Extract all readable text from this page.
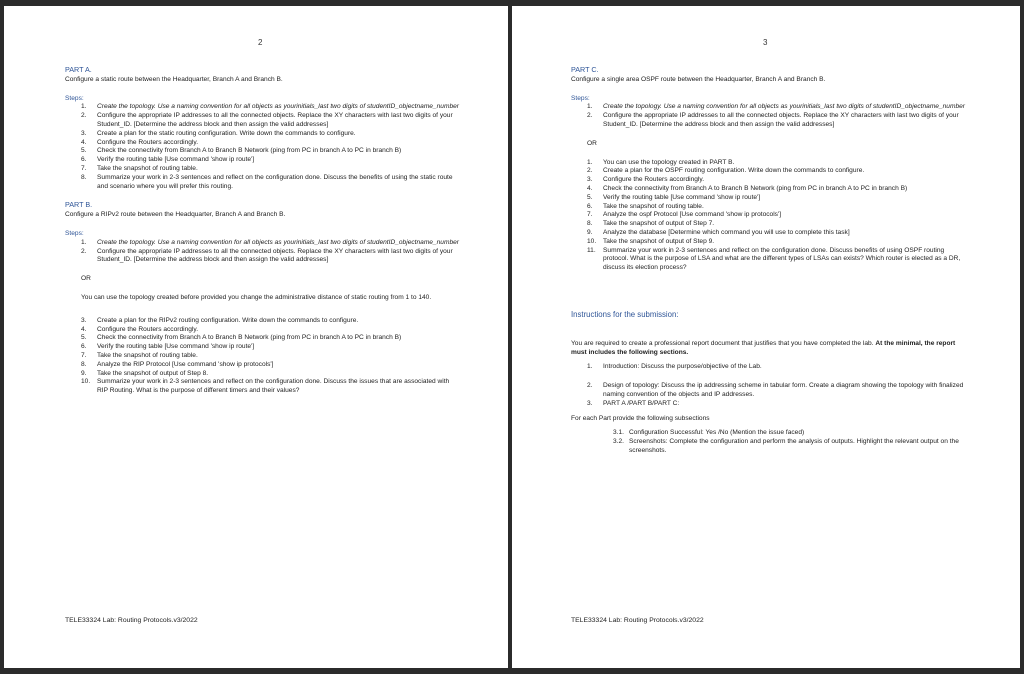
2

PART A.

Configure a static route between the Headquarter, Branch A and Branch B.

Steps:

1. Create the topology. Use a naming convention for all objects as yourinitials_last two digits of studentID_objectname_number
2. Configure the appropriate IP addresses to all the connected objects. Replace the XY characters with last two digits of your Student_ID. [Determine the address block and then assign the valid addresses]
3. Create a plan for the static routing configuration. Write down the commands to configure.
4. Configure the Routers accordingly.
5. Check the connectivity from Branch A to Branch B Network (ping from PC in branch A to PC in branch B)
6. Verify the routing table [Use command 'show ip route']
7. Take the snapshot of routing table.
8. Summarize your work in 2-3 sentences and reflect on the configuration done. Discuss the benefits of using the static route and scenario where you will prefer this routing.

PART B.

Configure a RIPv2 route between the Headquarter, Branch A and Branch B.

Steps:

1. Create the topology. Use a naming convention for all objects as yourinitials_last two digits of studentID_objectname_number
2. Configure the appropriate IP addresses to all the connected objects. Replace the XY characters with last two digits of your Student_ID. [Determine the address block and then assign the valid addresses]

OR

You can use the topology created before provided you change the administrative distance of static routing from 1 to 140.

3. Create a plan for the RIPv2 routing configuration. Write down the commands to configure.
4. Configure the Routers accordingly.
5. Check the connectivity from Branch A to Branch B Network (ping from PC in branch A to PC in branch B)
6. Verify the routing table [Use command 'show ip route']
7. Take the snapshot of routing table.
8. Analyze the RIP Protocol [Use command 'show ip protocols']
9. Take the snapshot of output of Step 8.
10. Summarize your work in 2-3 sentences and reflect on the configuration done. Discuss the issues that are associated with RIP Routing. What is the purpose of different timers and their values?
TELE33324 Lab: Routing Protocols.v3/2022
3

PART C.

Configure a single area OSPF route between the Headquarter, Branch A and Branch B.

Steps:

1. Create the topology. Use a naming convention for all objects as yourinitials_last two digits of studentID_objectname_number
2. Configure the appropriate IP addresses to all the connected objects. Replace the XY characters with last two digits of your Student_ID. [Determine the address block and then assign the valid addresses]

OR

1. You can use the topology created in PART B.
2. Create a plan for the OSPF routing configuration. Write down the commands to configure.
3. Configure the Routers accordingly.
4. Check the connectivity from Branch A to Branch B Network (ping from PC in branch A to PC in branch B)
5. Verify the routing table [Use command 'show ip route']
6. Take the snapshot of routing table.
7. Analyze the ospf Protocol [Use command 'show ip protocols']
8. Take the snapshot of output of Step 7.
9. Analyze the database [Determine which command you will use to complete this task]
10. Take the snapshot of output of Step 9.
11. Summarize your work in 2-3 sentences and reflect on the configuration done. Discuss benefits of using OSPF routing protocol. What is the purpose of LSA and what are the different types of LSAs can exists? Which router is elected as a DR, discuss its election process?

Instructions for the submission:

You are required to create a professional report document that justifies that you have completed the lab. At the minimal, the report must includes the following sections.

1. Introduction: Discuss the purpose/objective of the Lab.
2. Design of topology: Discuss the ip addressing scheme in tabular form. Create a diagram showing the topology with finalized naming convention of the objects and IP addresses.
3. PART A /PART B/PART C:

For each Part provide the following subsections

3.1. Configuration Successful: Yes /No (Mention the issue faced)
3.2. Screenshots: Complete the configuration and perform the analysis of outputs. Highlight the relevant output on the screenshots.
TELE33324 Lab: Routing Protocols.v3/2022
